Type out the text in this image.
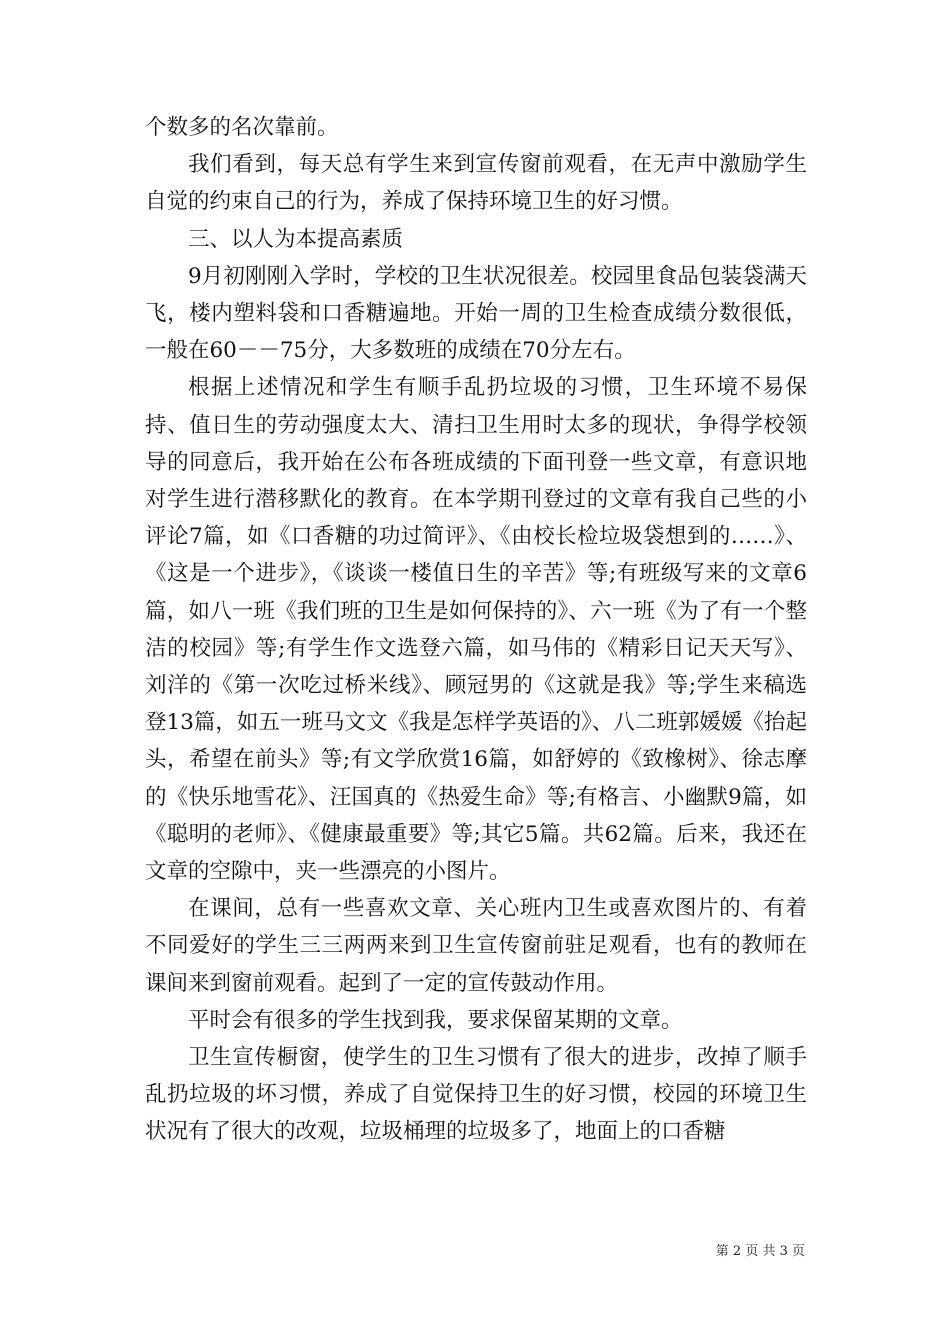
个数多的名次靠前。

我们看到，每天总有学生来到宣传窗前观看，在无声中激励学生自觉的约束自己的行为，养成了保持环境卫生的好习惯。

三、以人为本提高素质

9月初刚刚入学时，学校的卫生状况很差。校园里食品包装袋满天飞，楼内塑料袋和口香糖遍地。开始一周的卫生检查成绩分数很低，一般在60－－75分，大多数班的成绩在70分左右。

根据上述情况和学生有顺手乱扔垃圾的习惯，卫生环境不易保持、值日生的劳动强度太大、清扫卫生用时太多的现状，争得学校领导的同意后，我开始在公布各班成绩的下面刊登一些文章，有意识地对学生进行潜移默化的教育。在本学期刊登过的文章有我自己些的小评论7篇，如《口香糖的功过简评》、《由校长检垃圾袋想到的……》、《这是一个进步》，《谈谈一楼值日生的辛苦》等;有班级写来的文章6篇，如八一班《我们班的卫生是如何保持的》、六一班《为了有一个整洁的校园》等;有学生作文选登六篇，如马伟的《精彩日记天天写》、刘洋的《第一次吃过桥米线》、顾冠男的《这就是我》等;学生来稿选登13篇，如五一班马文文《我是怎样学英语的》、八二班郭媛媛《抬起头，希望在前头》等;有文学欣赏16篇，如舒婷的《致橡树》、徐志摩的《快乐地雪花》、汪国真的《热爱生命》等;有格言、小幽默9篇，如《聪明的老师》、《健康最重要》等;其它5篇。共62篇。后来，我还在文章的空隙中，夹一些漂亮的小图片。

在课间，总有一些喜欢文章、关心班内卫生或喜欢图片的、有着不同爱好的学生三三两两来到卫生宣传窗前驻足观看，也有的教师在课间来到窗前观看。起到了一定的宣传鼓动作用。

平时会有很多的学生找到我，要求保留某期的文章。

卫生宣传橱窗，使学生的卫生习惯有了很大的进步，改掉了顺手乱扔垃圾的坏习惯，养成了自觉保持卫生的好习惯，校园的环境卫生状况有了很大的改观，垃圾桶理的垃圾多了，地面上的口香糖

第 2 页 共 3 页
